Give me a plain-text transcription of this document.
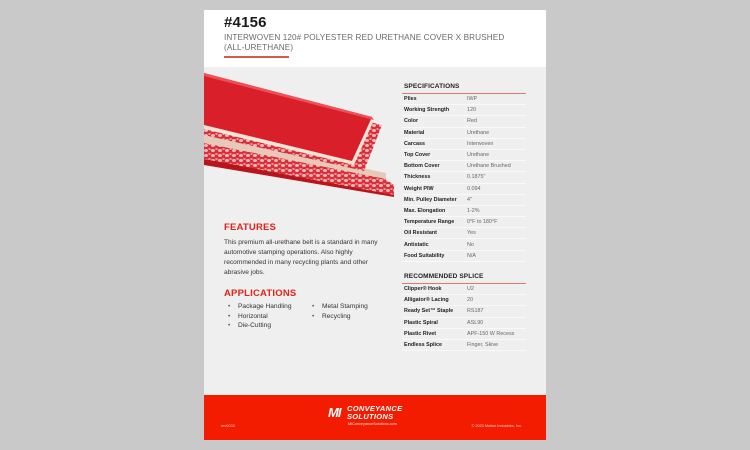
#4156
INTERWOVEN 120# POLYESTER RED URETHANE COVER X BRUSHED (ALL-URETHANE)
FEATURES
This premium all-urethane belt is a standard in many automotive stamping operations. Also highly recommended in many recycling plants and other abrasive jobs.
APPLICATIONS
• Package Handling
• Horizontal
• Die-Cutting
• Metal Stamping
• Recycling
SPECIFICATIONS
Plies	IWP
Working Strength	120
Color	Red
Material	Urethane
Carcass	Interwoven
Top Cover	Urethane
Bottom Cover	Urethane Brushed
Thickness	0.1875"
Weight PIW	0.094
Min. Pulley Diameter	4"
Max. Elongation	1-2%
Temperature Range	0°F to 180°F
Oil Resistant	Yes
Antistatic	No
Food Suitability	N/A
RECOMMENDED SPLICE
Clipper® Hook	U2
Alligator® Lacing	20
Ready Set™ Staple	RS187
Plastic Spiral	ASL90
Plastic Rivet	APF-150 W Recess
Endless Splice	Finger, Skive
MI CONVEYANCE
SOLUTIONS
MiConveyanceSolutions.com
rev0033	© 2023 Motion Industries, Inc.
